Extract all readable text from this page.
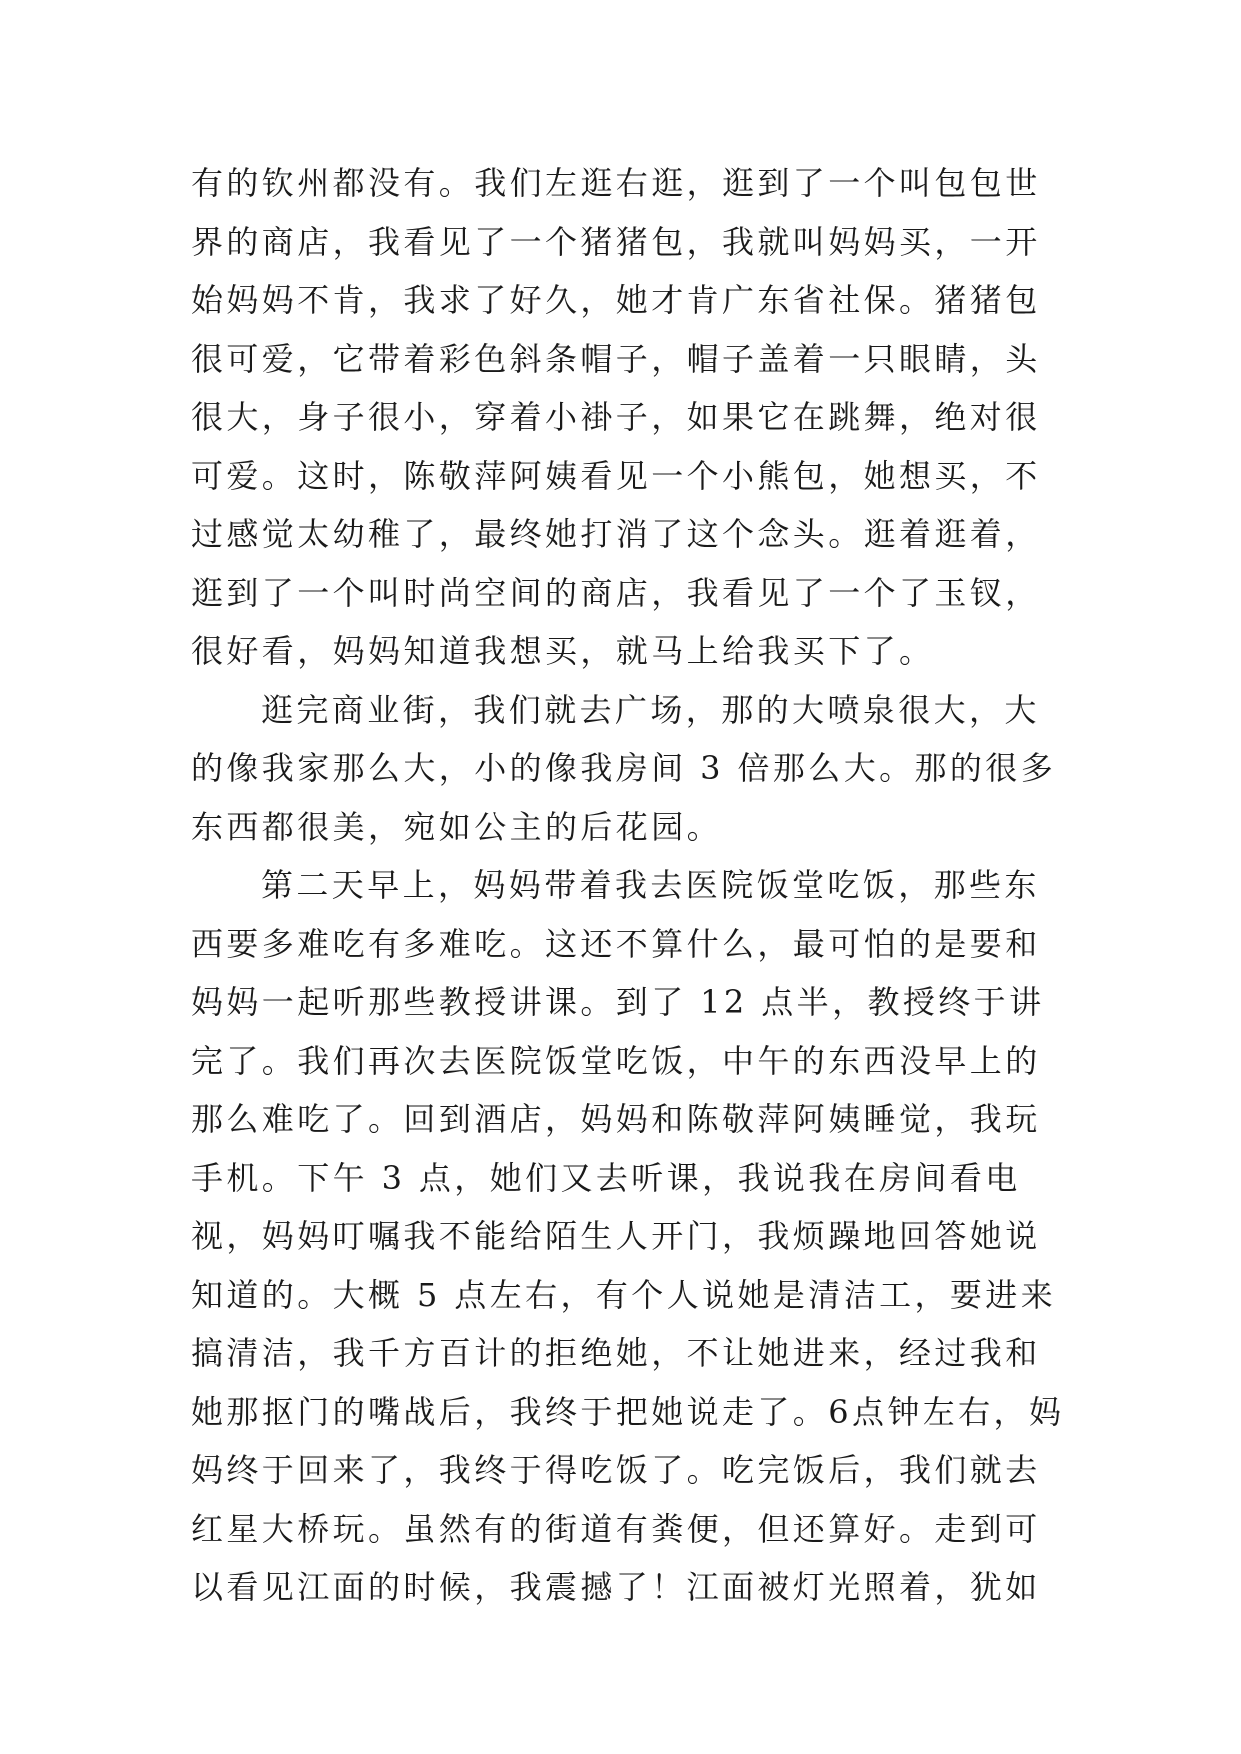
有的钦州都没有。我们左逛右逛，逛到了一个叫包包世界的商店，我看见了一个猪猪包，我就叫妈妈买，一开始妈妈不肯，我求了好久，她才肯广东省社保。猪猪包很可爱，它带着彩色斜条帽子，帽子盖着一只眼睛，头很大，身子很小，穿着小褂子，如果它在跳舞，绝对很可爱。这时，陈敬萍阿姨看见一个小熊包，她想买，不过感觉太幼稚了，最终她打消了这个念头。逛着逛着，逛到了一个叫时尚空间的商店，我看见了一个了玉钗，很好看，妈妈知道我想买，就马上给我买下了。

逛完商业街，我们就去广场，那的大喷泉很大，大的像我家那么大，小的像我房间 3 倍那么大。那的很多东西都很美，宛如公主的后花园。

第二天早上，妈妈带着我去医院饭堂吃饭，那些东西要多难吃有多难吃。这还不算什么，最可怕的是要和妈妈一起听那些教授讲课。到了 12 点半，教授终于讲完了。我们再次去医院饭堂吃饭，中午的东西没早上的那么难吃了。回到酒店，妈妈和陈敬萍阿姨睡觉，我玩手机。下午 3 点，她们又去听课，我说我在房间看电视，妈妈叮嘱我不能给陌生人开门，我烦躁地回答她说知道的。大概 5 点左右，有个人说她是清洁工，要进来搞清洁，我千方百计的拒绝她，不让她进来，经过我和她那抠门的嘴战后，我终于把她说走了。6点钟左右，妈妈终于回来了，我终于得吃饭了。吃完饭后，我们就去红星大桥玩。虽然有的街道有粪便，但还算好。走到可以看见江面的时候，我震撼了！江面被灯光照着，犹如
